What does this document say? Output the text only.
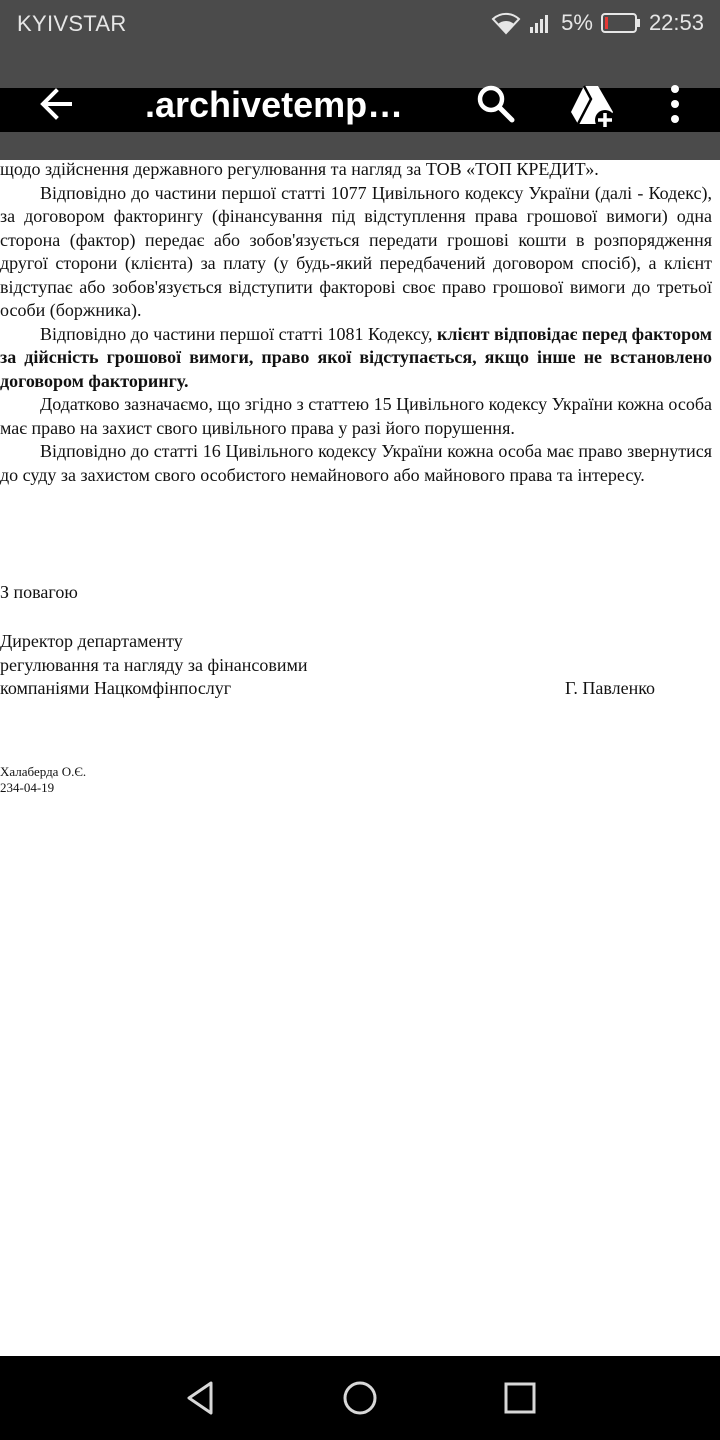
KYIVSTAR	5%	22:53
.archivetemp…

щодо здійснення державного регулювання та нагляд за ТОВ «ТОП КРЕДИТ».

Відповідно до частини першої статті 1077 Цивільного кодексу України (далі - Кодекс), за договором факторингу (фінансування під відступлення права грошової вимоги) одна сторона (фактор) передає або зобов'язується передати грошові кошти в розпорядження другої сторони (клієнта) за плату (у будь-який передбачений договором спосіб), а клієнт відступає або зобов'язується відступити факторові своє право грошової вимоги до третьої особи (боржника).

Відповідно до частини першої статті 1081 Кодексу, клієнт відповідає перед фактором за дійсність грошової вимоги, право якої відступається, якщо інше не встановлено договором факторингу.

Додатково зазначаємо, що згідно з статтею 15 Цивільного кодексу України кожна особа має право на захист свого цивільного права у разі його порушення.

Відповідно до статті 16 Цивільного кодексу України кожна особа має право звернутися до суду за захистом свого особистого немайнового або майнового права та інтересу.

З повагою
Директор департаменту
регулювання та нагляду за фінансовими
компаніями Нацкомфінпослуг	Г. Павленко
Халаберда О.Є.
234-04-19
